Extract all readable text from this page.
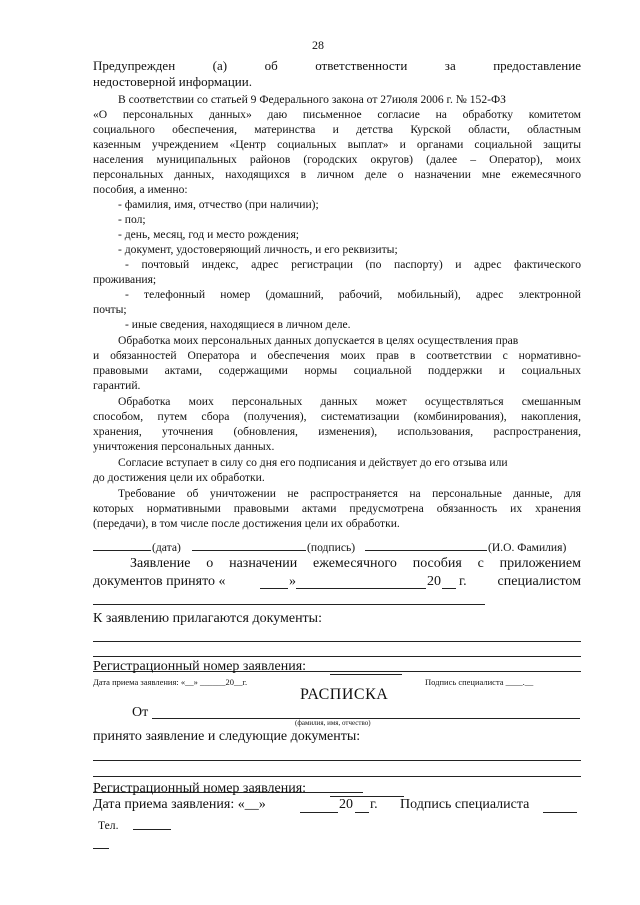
28
Предупрежден (а) об ответственности за предоставление
недостоверной информации.
В соответствии со статьей 9 Федерального закона от 27июля 2006 г. № 152-ФЗ
«О персональных данных» даю письменное согласие на обработку комитетом
социального обеспечения, материнства и детства Курской области, областным
казенным учреждением «Центр социальных выплат» и органами социальной защиты
населения муниципальных районов (городских округов) (далее – Оператор), моих
персональных данных, находящихся в личном деле о назначении мне ежемесячного
пособия, а именно:
- фамилия, имя, отчество (при наличии);
- пол;
- день, месяц, год и место рождения;
- документ, удостоверяющий личность, и его реквизиты;
- почтовый индекс, адрес регистрации (по паспорту) и адрес фактического
проживания;
- телефонный номер (домашний, рабочий, мобильный), адрес электронной
почты;
- иные сведения, находящиеся в личном деле.
Обработка моих персональных данных допускается в целях осуществления прав
и обязанностей Оператора и обеспечения моих прав в соответствии с нормативно-
правовыми актами, содержащими нормы социальной поддержки и социальных
гарантий.
Обработка моих персональных данных может осуществляться смешанным
способом, путем сбора (получения), систематизации (комбинирования), накопления,
хранения, уточнения (обновления, изменения), использования, распространения,
уничтожения персональных данных.
Согласие вступает в силу со дня его подписания и действует до его отзыва или
до достижения цели их обработки.
Требование об уничтожении не распространяется на персональные данные, для
которых нормативными правовыми актами предусмотрена обязанность их хранения
(передачи), в том числе после достижения цели их обработки.
(дата)	(подпись)	(И.О. Фамилия)
Заявление о назначении ежемесячного пособия с приложением
документов принято «	»	20 г. специалистом
К заявлению прилагаются документы:
Регистрационный номер заявления:
Дата приема заявления: «__» ______20__г.	Подпись специалиста ____.__
РАСПИСКА
От
(фамилия, имя, отчество)
принято заявление и следующие документы:
Регистрационный номер заявления:
Дата приема заявления: «__»	20 г. Подпись специалиста
Тел.
